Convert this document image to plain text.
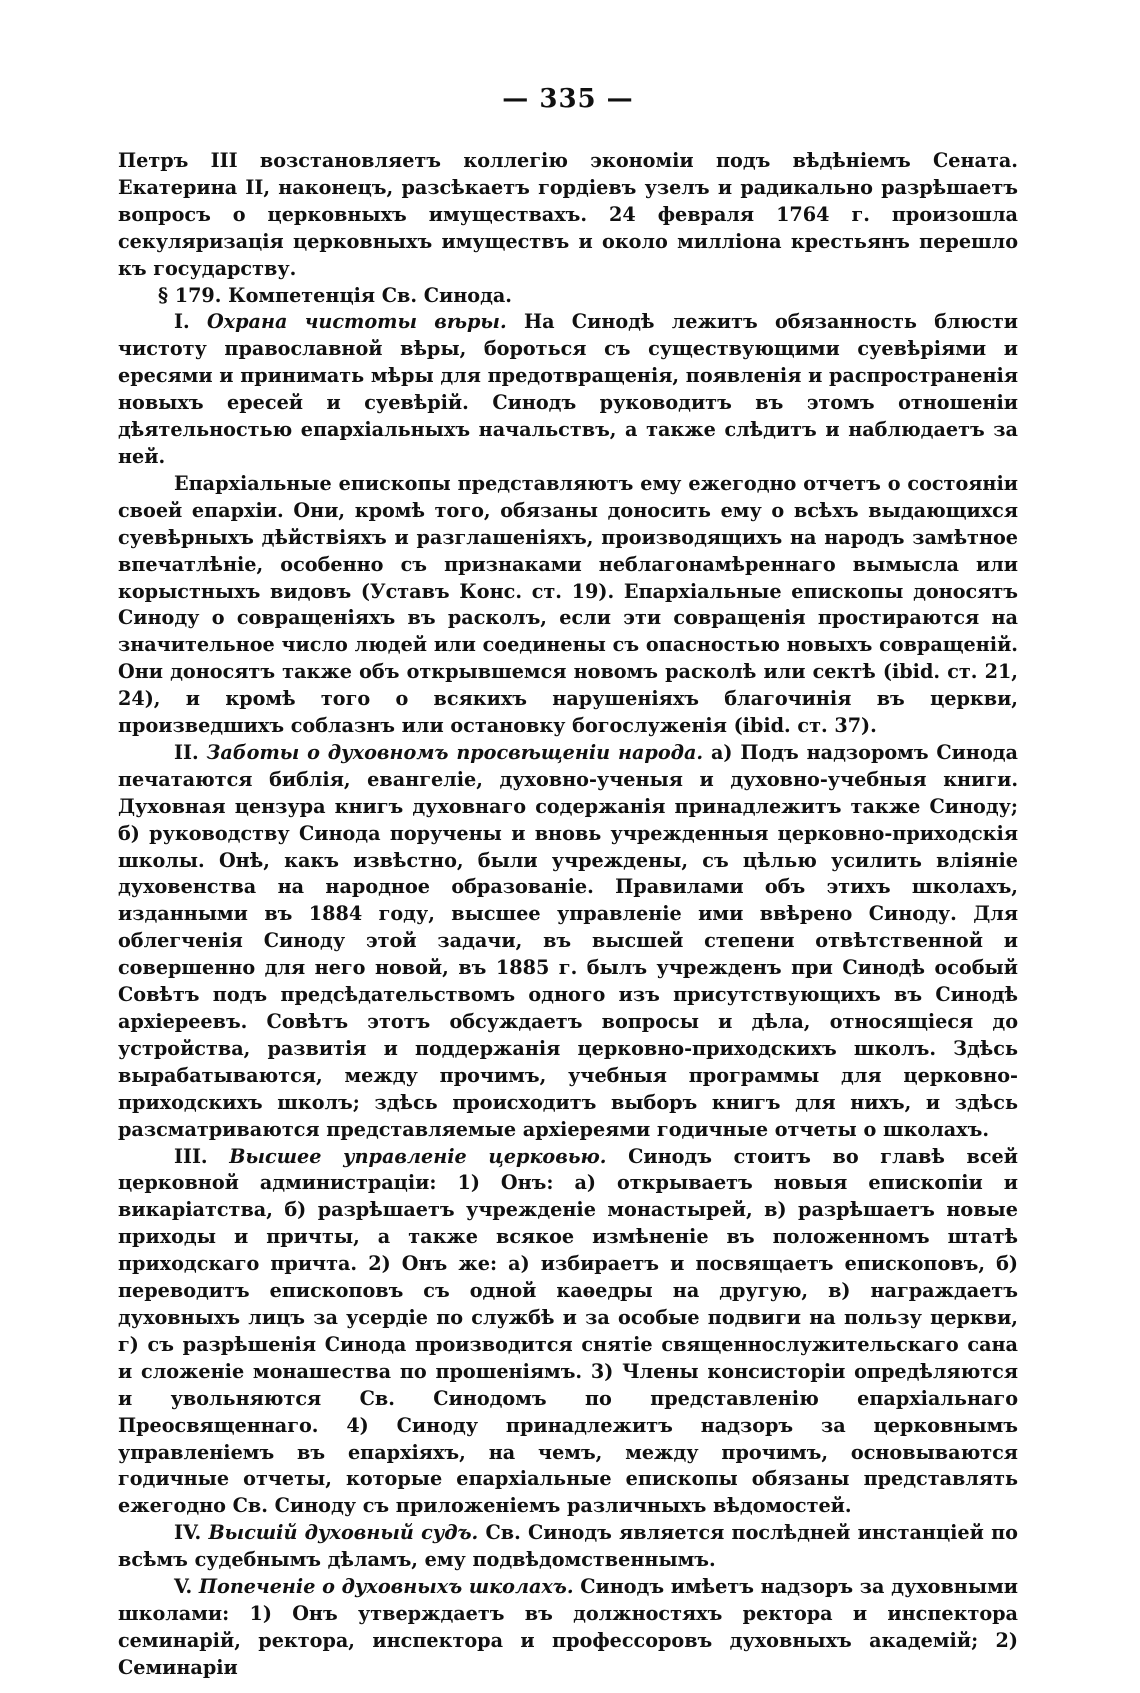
— 335 —

Петръ III возстановляетъ коллегію экономіи подъ вѣдѣніемъ Сената. Екатерина II, наконецъ, разсѣкаетъ гордіевъ узелъ и радикально разрѣшаетъ вопросъ о церковныхъ имуществахъ. 24 февраля 1764 г. произошла секуляризація церковныхъ имуществъ и около милліона крестьянъ перешло къ государству.

§ 179. Компетенція Св. Синода.

I. Охрана чистоты вѣры. На Синодѣ лежитъ обязанность блюсти чистоту православной вѣры, бороться съ существующими суевѣріями и ересями и принимать мѣры для предотвращенія, появленія и распространенія новыхъ ересей и суевѣрій. Синодъ руководитъ въ этомъ отношеніи дѣятельностью епархіальныхъ начальствъ, а также слѣдитъ и наблюдаетъ за ней.

Епархіальные епископы представляютъ ему ежегодно отчетъ о состояніи своей епархіи. Они, кромѣ того, обязаны доносить ему о всѣхъ выдающихся суевѣрныхъ дѣйствіяхъ и разглашеніяхъ, производящихъ на народъ замѣтное впечатлѣніе, особенно съ признаками неблагонамѣреннаго вымысла или корыстныхъ видовъ (Уставъ Конс. ст. 19). Епархіальные епископы доносятъ Синоду о совращеніяхъ въ расколъ, если эти совращенія простираются на значительное число людей или соединены съ опасностью новыхъ совращеній. Они доносятъ также объ открывшемся новомъ расколѣ или сектѣ (ibid. ст. 21, 24), и кромѣ того о всякихъ нарушеніяхъ благочинія въ церкви, произведшихъ соблазнъ или остановку богослуженія (ibid. ст. 37).

II. Заботы о духовномъ просвѣщеніи народа. а) Подъ надзоромъ Синода печатаются библія, евангеліе, духовно-ученыя и духовно-учебныя книги. Духовная цензура книгъ духовнаго содержанія принадлежитъ также Синоду; б) руководству Синода поручены и вновь учрежденныя церковно-приходскія школы. Онѣ, какъ извѣстно, были учреждены, съ цѣлью усилить вліяніе духовенства на народное образованіе. Правилами объ этихъ школахъ, изданными въ 1884 году, высшее управленіе ими ввѣрено Синоду. Для облегченія Синоду этой задачи, въ высшей степени отвѣтственной и совершенно для него новой, въ 1885 г. былъ учрежденъ при Синодѣ особый Совѣтъ подъ предсѣдательствомъ одного изъ присутствующихъ въ Синодѣ архіереевъ. Совѣтъ этотъ обсуждаетъ вопросы и дѣла, относящіеся до устройства, развитія и поддержанія церковно-приходскихъ школъ. Здѣсь вырабатываются, между прочимъ, учебныя программы для церковно-приходскихъ школъ; здѣсь происходитъ выборъ книгъ для нихъ, и здѣсь разсматриваются представляемые архіереями годичные отчеты о школахъ.

III. Высшее управленіе церковью. Синодъ стоитъ во главѣ всей церковной администраціи: 1) Онъ: а) открываетъ новыя епископіи и викаріатства, б) разрѣшаетъ учрежденіе монастырей, в) разрѣшаетъ новые приходы и причты, а также всякое измѣненіе въ положенномъ штатѣ приходскаго причта. 2) Онъ же: а) избираетъ и посвящаетъ епископовъ, б) переводитъ епископовъ съ одной каѳедры на другую, в) награждаетъ духовныхъ лицъ за усердіе по службѣ и за особые подвиги на пользу церкви, г) съ разрѣшенія Синода производится снятіе священнослужительскаго сана и сложеніе монашества по прошеніямъ. 3) Члены консисторіи опредѣляются и увольняются Св. Синодомъ по представленію епархіальнаго Преосвященнаго. 4) Синоду принадлежитъ надзоръ за церковнымъ управленіемъ въ епархіяхъ, на чемъ, между прочимъ, основываются годичные отчеты, которые епархіальные епископы обязаны представлять ежегодно Св. Синоду съ приложеніемъ различныхъ вѣдомостей.

IV. Высшій духовный судъ. Св. Синодъ является послѣдней инстанціей по всѣмъ судебнымъ дѣламъ, ему подвѣдомственнымъ.

V. Попеченіе о духовныхъ школахъ. Синодъ имѣетъ надзоръ за духовными школами: 1) Онъ утверждаетъ въ должностяхъ ректора и инспектора семинарій, ректора, инспектора и профессоровъ духовныхъ академій; 2) Семинаріи
